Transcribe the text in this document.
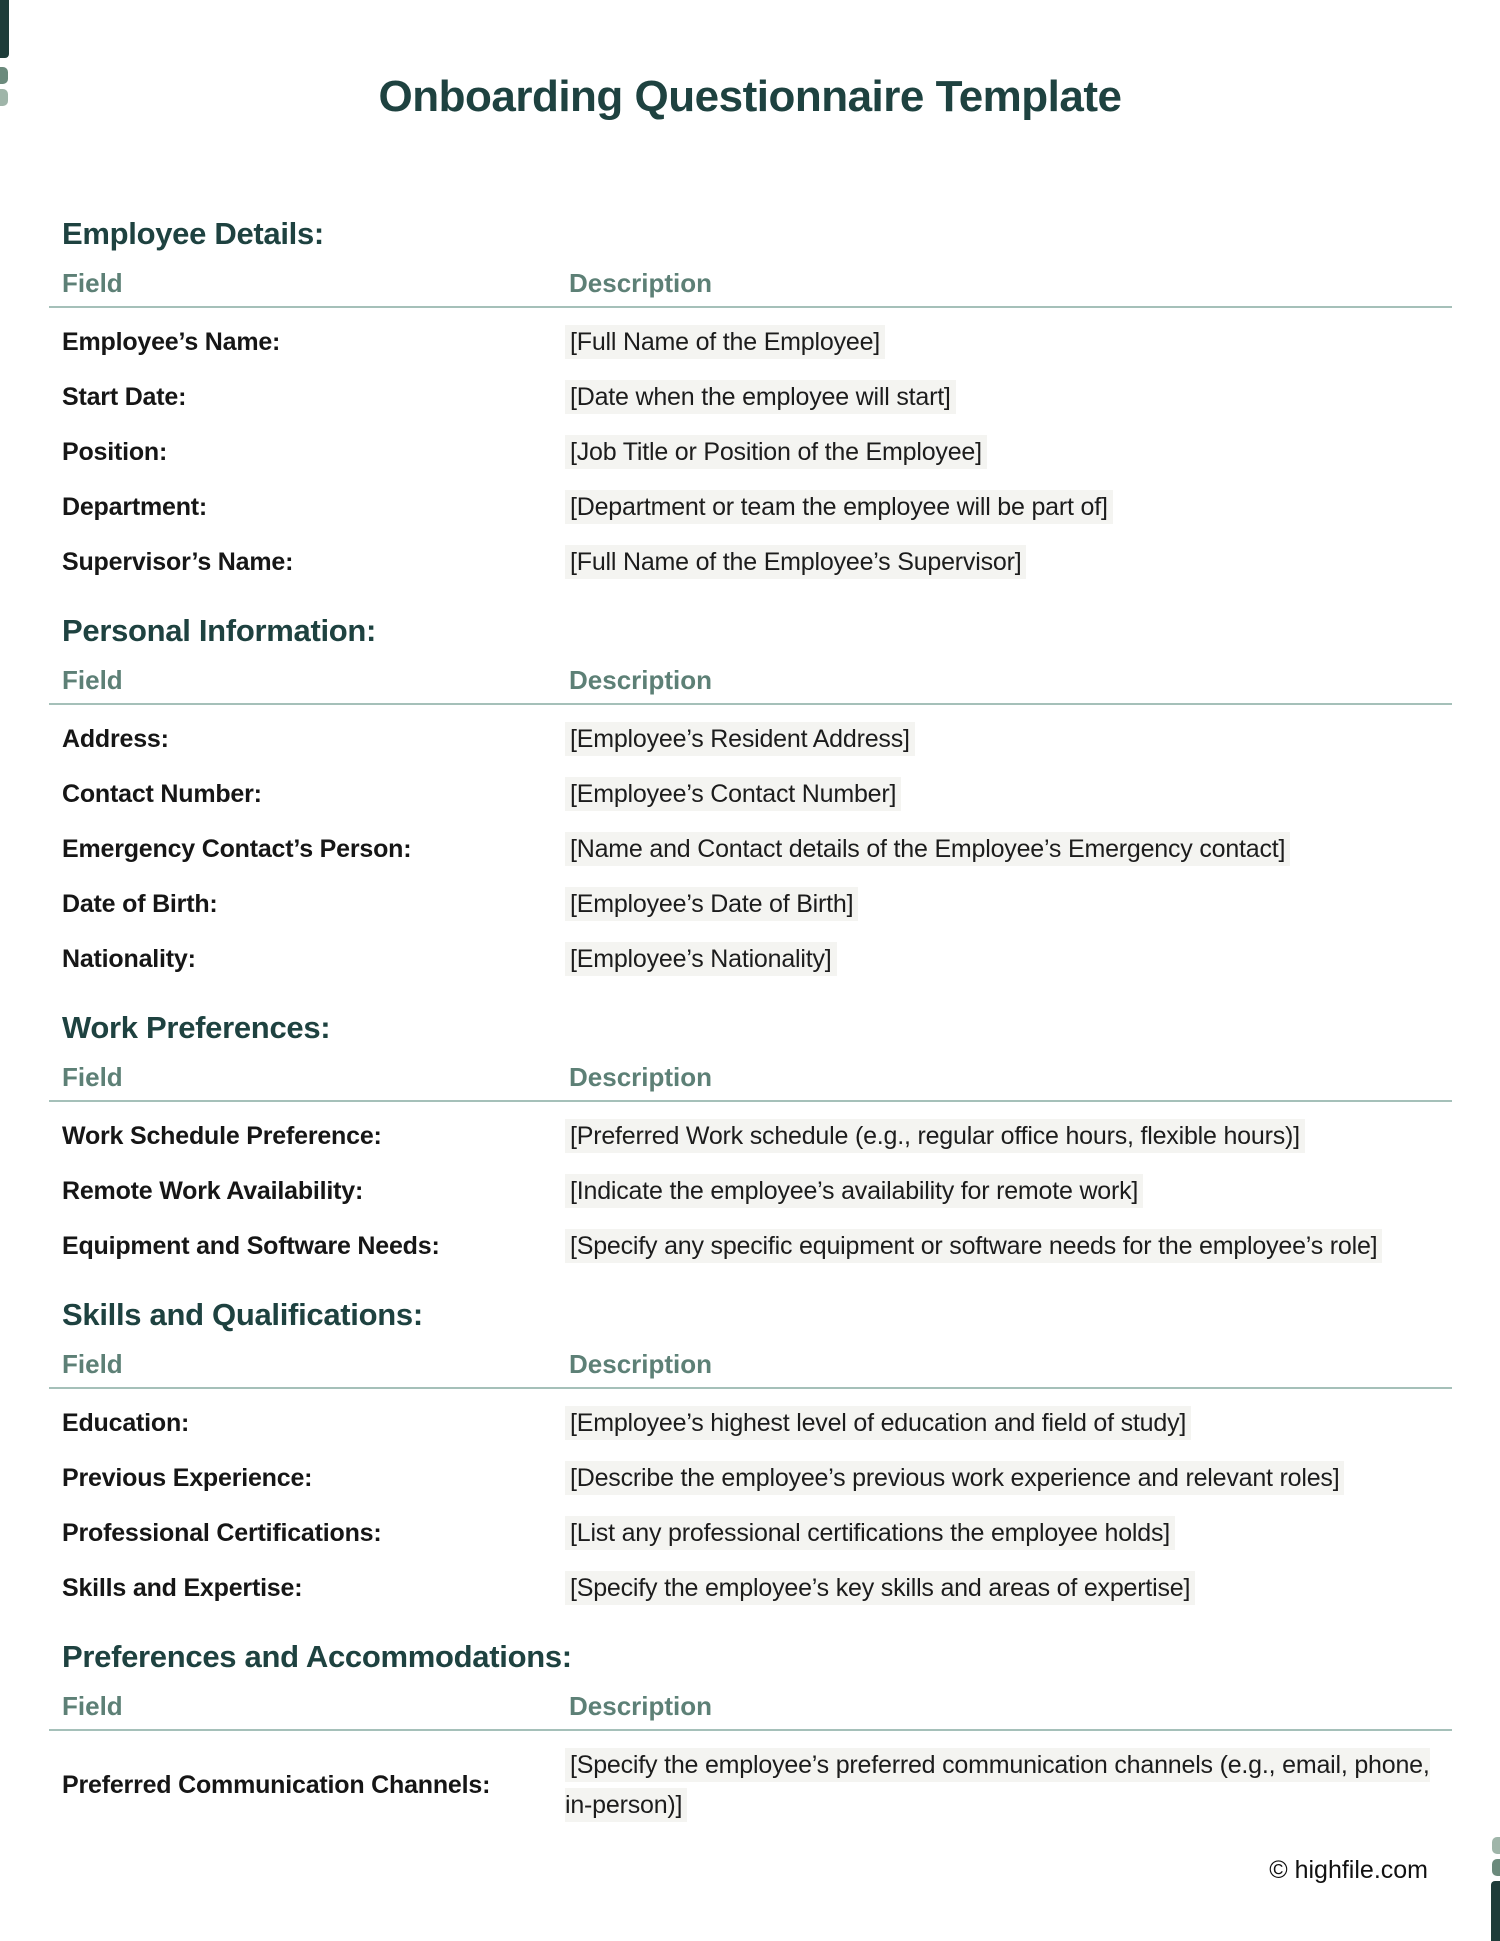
Onboarding Questionnaire Template
Employee Details:
Field	Description
Employee’s Name:	[Full Name of the Employee]
Start Date:	[Date when the employee will start]
Position:	[Job Title or Position of the Employee]
Department:	[Department or team the employee will be part of]
Supervisor’s Name:	[Full Name of the Employee’s Supervisor]
Personal Information:
Field	Description
Address:	[Employee’s Resident Address]
Contact Number:	[Employee’s Contact Number]
Emergency Contact’s Person:	[Name and Contact details of the Employee’s Emergency contact]
Date of Birth:	[Employee’s Date of Birth]
Nationality:	[Employee’s Nationality]
Work Preferences:
Field	Description
Work Schedule Preference:	[Preferred Work schedule (e.g., regular office hours, flexible hours)]
Remote Work Availability:	[Indicate the employee’s availability for remote work]
Equipment and Software Needs:	[Specify any specific equipment or software needs for the employee’s role]
Skills and Qualifications:
Field	Description
Education:	[Employee’s highest level of education and field of study]
Previous Experience:	[Describe the employee’s previous work experience and relevant roles]
Professional Certifications:	[List any professional certifications the employee holds]
Skills and Expertise:	[Specify the employee’s key skills and areas of expertise]
Preferences and Accommodations:
Field	Description
Preferred Communication Channels:
[Specify the employee’s preferred communication channels (e.g., email, phone, in-person)]
© highfile.com
